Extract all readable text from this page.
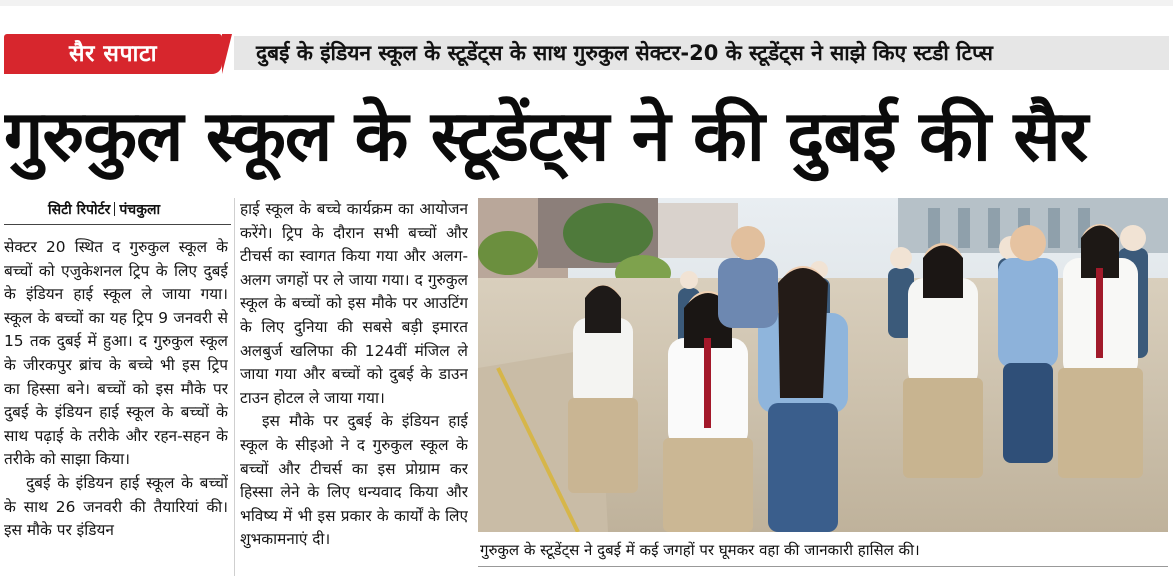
सैर सपाटा	दुबई के इंडियन स्कूल के स्टूडेंट्स के साथ गुरुकुल सेक्टर-20 के स्टूडेंट्स ने साझे किए स्टडी टिप्स
गुरुकुल स्कूल के स्टूडेंट्स ने की दुबई की सैर
सिटी रिपोर्टर पंचकुला

सेक्टर 20 स्थित द गुरुकुल स्कूल के बच्चों को एजुकेशनल ट्रिप के लिए दुबई के इंडियन हाई स्कूल ले जाया गया। स्कूल के बच्चों का यह ट्रिप 9 जनवरी से 15 तक दुबई में हुआ। द गुरुकुल स्कूल के जीरकपुर ब्रांच के बच्चे भी इस ट्रिप का हिस्सा बने। बच्चों को इस मौके पर दुबई के इंडियन हाई स्कूल के बच्चों के साथ पढ़ाई के तरीके और रहन-सहन के तरीके को साझा किया।

दुबई के इंडियन हाई स्कूल के बच्चों के साथ 26 जनवरी की तैयारियां की। इस मौके पर इंडियन

हाई स्कूल के बच्चे कार्यक्रम का आयोजन करेंगे। ट्रिप के दौरान सभी बच्चों और टीचर्स का स्वागत किया गया और अलग-अलग जगहों पर ले जाया गया। द गुरुकुल स्कूल के बच्चों को इस मौके पर आउटिंग के लिए दुनिया की सबसे बड़ी इमारत अलबुर्ज खलिफा की 124वीं मंजिल ले जाया गया और बच्चों को दुबई के डाउन टाउन होटल ले जाया गया।

इस मौके पर दुबई के इंडियन हाई स्कूल के सीइओ ने द गुरुकुल स्कूल के बच्चों और टीचर्स का इस प्रोग्राम कर हिस्सा लेने के लिए धन्यवाद किया और भविष्य में भी इस प्रकार के कार्यों के लिए शुभकामनाएं दी।

गुरुकुल के स्टूडेंट्स ने दुबई में कई जगहों पर घूमकर वहा की जानकारी हासिल की।
